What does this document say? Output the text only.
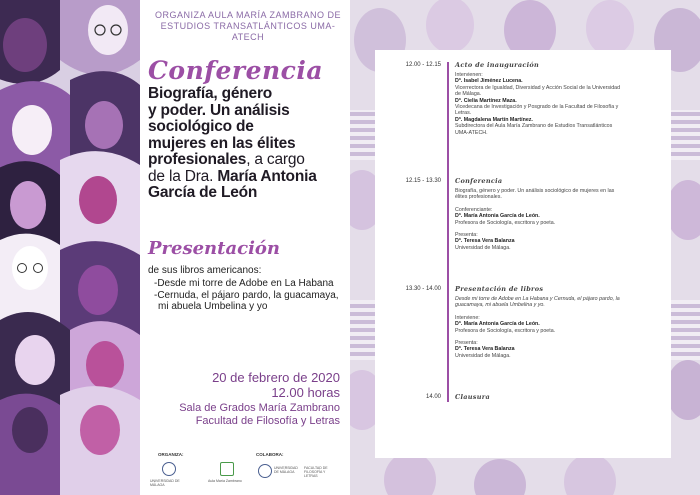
ORGANIZA AULA MARÍA ZAMBRANO DE
ESTUDIOS TRANSATLÁNTICOS UMA-ATECH
Conferencia
Biografía, género
y poder. Un análisis
sociológico de
mujeres en las élites
profesionales, a cargo
de la Dra. María Antonia
García de León
Presentación
de sus libros americanos:
-Desde mi torre de Adobe en La Habana
-Cernuda, el pájaro pardo, la guacamaya,
mi abuela Umbelina y yo
20 de febrero de 2020
12.00 horas
Sala de Grados María Zambrano
Facultad de Filosofía y Letras
ORGANIZA:
UNIVERSIDAD DE MÁLAGA
Aula María Zambrano
COLABORA:
UNIVERSIDAD DE MÁLAGA
FACULTAD DE FILOSOFÍA Y LETRAS
12.00 - 12.15 Acto de inauguración
Intervienen:
Dª. Isabel Jiménez Lucena.
Vicerrectora de Igualdad, Diversidad y Acción Social de la Universidad
de Málaga.
Dª. Cielia Martínez Maza.
Vicedecana de Investigación y Posgrado de la Facultad de Filosofía y
Letras.
Dª. Magdalena Martín Martínez.
Subdirectora del Aula María Zambrano de Estudios Transatlánticos
UMA-ATECH.
12.15 - 13.30 Conferencia
Biografía, género y poder. Un análisis sociológico de mujeres en las
élites profesionales.
Conferenciante:
Dª. María Antonia García de León.
Profesora de Sociología, escritora y poeta.
Presenta:
Dª. Teresa Vera Balanza
Universidad de Málaga.
13.30 - 14.00 Presentación de libros
Desde mi torre de Adobe en La Habana y Cernuda, el pájaro pardo, la
guacamaya, mi abuela Umbelina y yo.
Interviene:
Dª. María Antonia García de León.
Profesora de Sociología, escritora y poeta.
Presenta:
Dª. Teresa Vera Balanza
Universidad de Málaga.
14.00 Clausura
